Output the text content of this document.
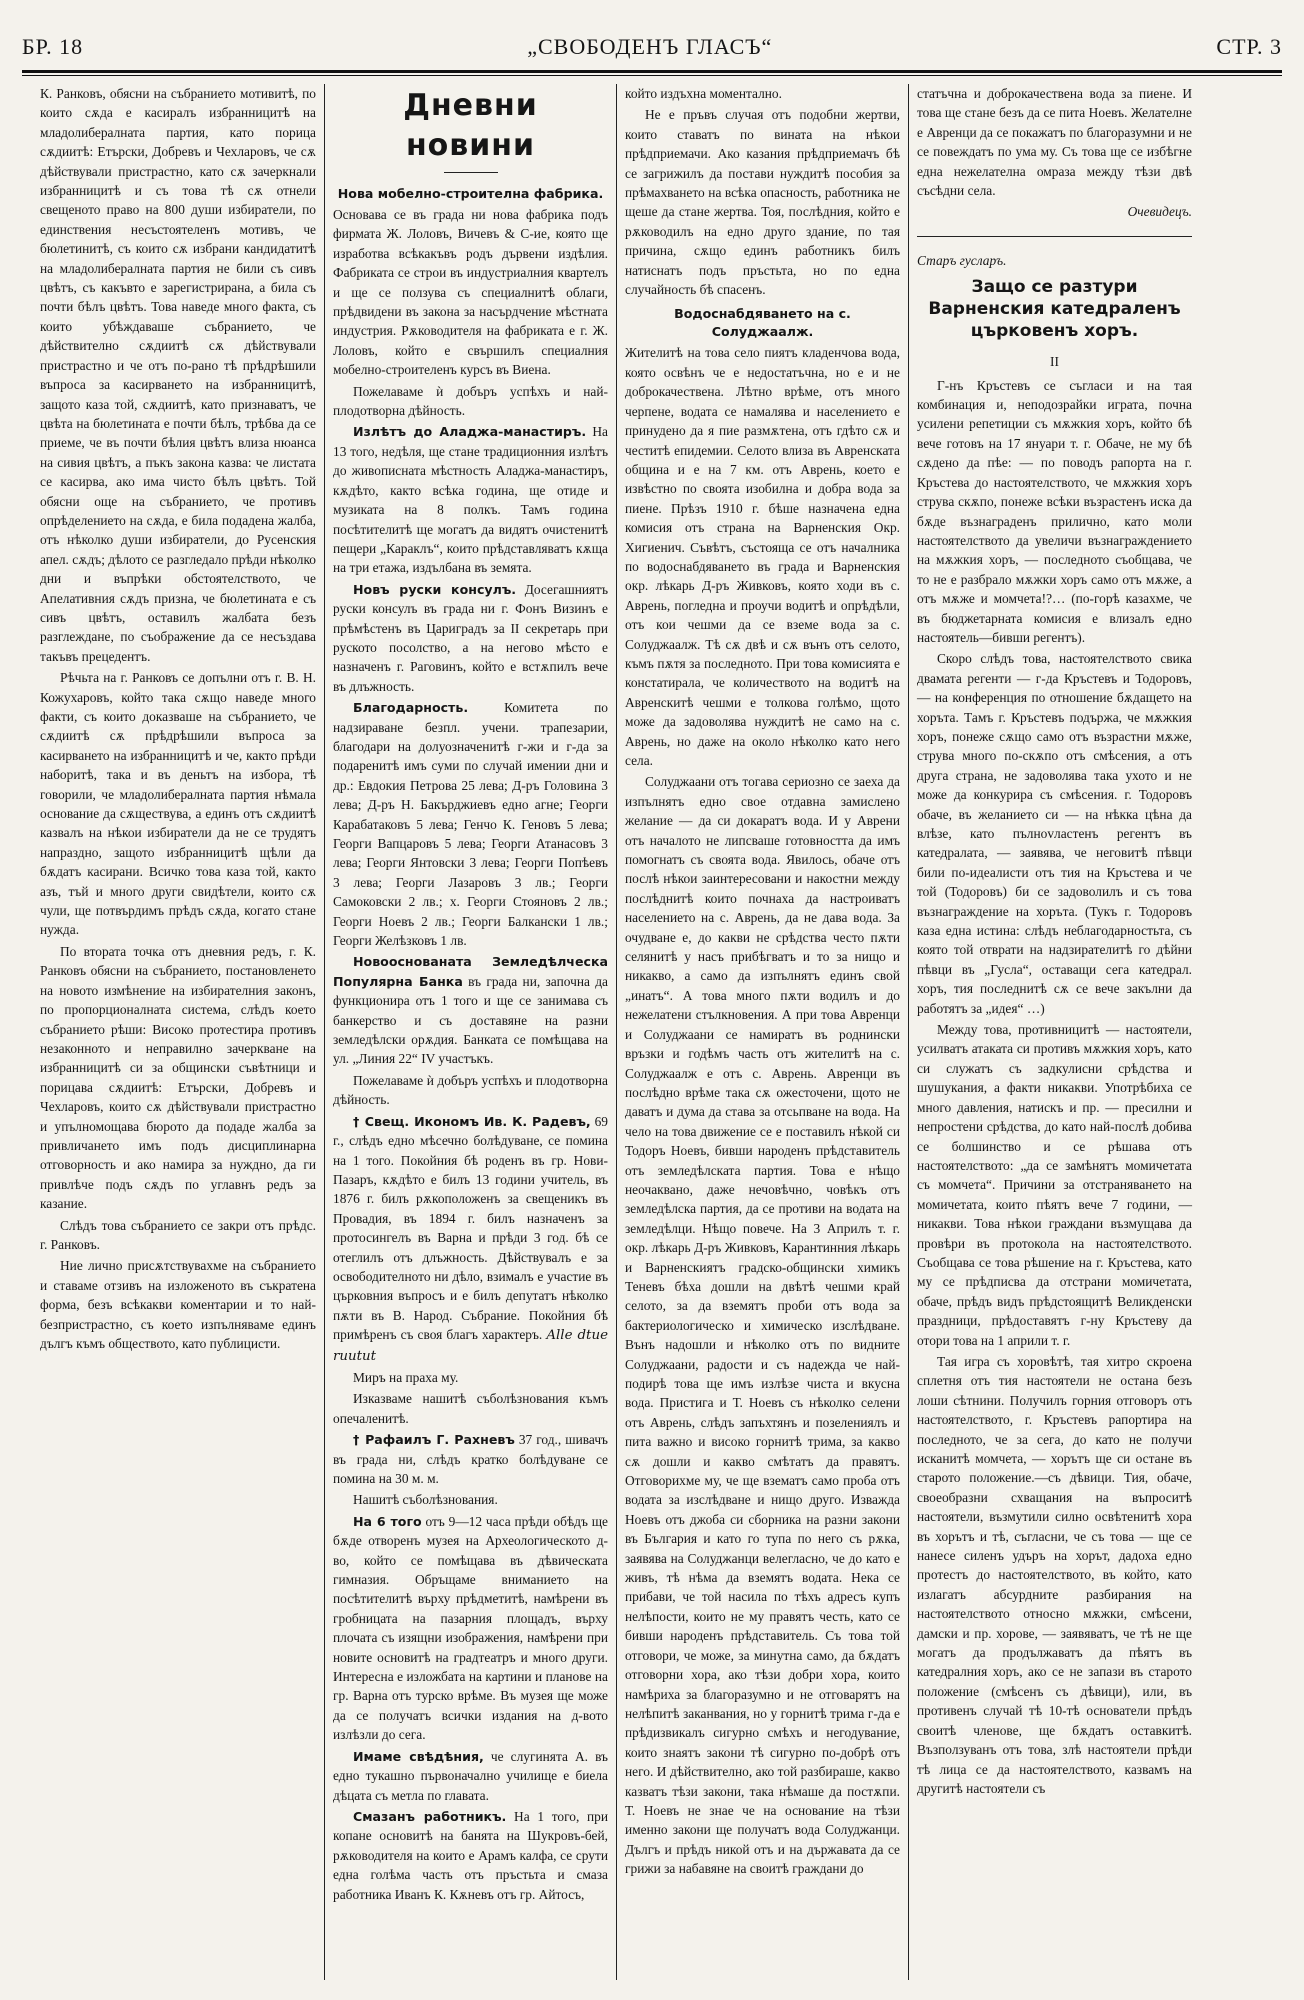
БР. 18	„СВОБОДЕНЪ ГЛАСЪ“	СТР. 3

К. Ранковъ, обясни на събранието мотивитѣ, по които сѫда е касиралъ избранницитѣ на младолибералната партия, като порица сѫдиитѣ: Етърски, Добревъ и Чехларовъ, че сѫ дѣйствували пристрастно, като сѫ зачеркнали избранницитѣ и съ това тѣ сѫ отнели свещеното право на 800 души избиратели, по единствения несъстоятеленъ мотивъ, че бюлетинитѣ, съ които сѫ избрани кандидатитѣ на младолибералната партия не били съ сивъ цвѣтъ, съ какъвто е зарегистрирана, а била съ почти бѣлъ цвѣтъ. Това наведе много факта, съ които убѣждаваше събранието, че дѣйствително сѫдиитѣ сѫ дѣйствували пристрастно и че отъ по-рано тѣ прѣдрѣшили въпроса за касирването на избранницитѣ, защото каза той, сѫдиитѣ, като признаватъ, че цвѣта на бюлетината е почти бѣлъ, трѣбва да се приеме, че въ почти бѣлия цвѣтъ влиза нюанса на сивия цвѣтъ, а пъкъ закона казва: че листата се касирва, ако има чисто бѣлъ цвѣтъ. Той обясни още на събранието, че противъ опрѣделението на сѫда, е била подадена жалба, отъ нѣколко души избиратели, до Русенския апел. сѫдъ; дѣлото се разгледало прѣди нѣколко дни и въпрѣки обстоятелството, че Апелативния сѫдъ призна, че бюлетината е съ сивъ цвѣтъ, оставилъ жалбата безъ разглеждане, по съображение да се несъздава такъвъ прецедентъ.

Рѣчьта на г. Ранковъ се допълни отъ г. В. Н. Кожухаровъ, който така сѫщо наведе много факти, съ които доказваше на събранието, че сѫдиитѣ сѫ прѣдрѣшили въпроса за касирването на избранницитѣ и че, както прѣди наборитѣ, така и въ деньтъ на избора, тѣ говорили, че младолибералната партия нѣмала основание да сѫществува, а единъ отъ сѫдиитѣ казвалъ на нѣкои избиратели да не се трудятъ напраздно, защото избранницитѣ щѣли да бѫдатъ касирани. Всичко това каза той, както азъ, тъй и много други свидѣтели, които сѫ чули, ще потвърдимъ прѣдъ сѫда, когато стане нужда.

По втората точка отъ дневния редъ, г. К. Ранковъ обясни на събранието, постановленето на новото измѣнение на избирателния законъ, по пропорционалната система, слѣдъ което събранието рѣши: Високо протестира противъ незаконното и неправилно зачеркване на избранницитѣ си за общински съвѣтници и порицава сѫдиитѣ: Етърски, Добревъ и Чехларовъ, които сѫ дѣйствували пристрастно и упълномощава бюрото да подаде жалба за привличането имъ подъ дисциплинарна отговорность и ако намира за нуждно, да ги привлѣче подъ сѫдъ по углавнъ редъ за казание.

Слѣдъ това събранието се закри отъ прѣдс. г. Ранковъ.

Ние лично присѫтствувахме на събранието и ставаме отзивъ на изложеното въ съкратена форма, безъ всѣкакви коментарии и то най-безпристрастно, съ което изпълняваме единъ дългъ къмъ обществото, като публицисти.

Дневни новини
Нова мобелно-строителна фабрика.

Основава се въ града ни нова фабрика подъ фирмата Ж. Лоловъ, Вичевъ & С-ие, която ще изработва всѣкакъвъ родъ дървени издѣлия. Фабриката се строи въ индустриалния квартелъ и ще се ползува съ специалнитѣ облаги, прѣдвидени въ закона за насърдчение мѣстната индустрия. Рѫководителя на фабриката е г. Ж. Лоловъ, който е свършилъ специалния мобелно-строителенъ курсъ въ Виена.

Пожелаваме ѝ добъръ успѣхъ и най- плодотворна дѣйность.

Излѣтъ до Аладжа-манастиръ. На 13 того, недѣля, ще стане традиционния излѣтъ до живописната мѣстность Аладжа-манастиръ, кѫдѣто, както всѣка година, ще отиде и музиката на 8 полкъ. Тамъ година посѣтителитѣ ще могатъ да видятъ очистенитѣ пещери „Караклъ“, които прѣдставляватъ кѫща на три етажа, издълбана въ земята.

Новъ руски консулъ. Досегашниятъ руски консулъ въ града ни г. Фонъ Визинъ е прѣмѣстенъ въ Цариградъ за II секретарь при руското посолство, а на негово мѣсто е назначенъ г. Раговинъ, който е встѫпилъ вече въ длъжность.

Благодарность.	Комитета по надзираване безпл. учени. трапезарии, благодари на долуозначенитѣ г-жи и г-да за подаренитѣ имъ суми по случай имении дни и др.: Евдокия Петрова 25 лева; Д-ръ Головина 3 лева; Д-ръ Н. Бакърджиевъ едно агне; Георги Карабатаковъ 5 лева; Генчо К. Геновъ 5 лева; Георги Вапцаровъ 5 лева; Георги Атанасовъ 3 лева; Георги Янтовски 3 лева; Георги Попѣевъ 3 лева; Георги Лазаровъ 3 лв.; Георги Самоковски 2 лв.; х. Георги Стояновъ 2 лв.; Георги Ноевъ 2 лв.; Георги Балкански 1 лв.; Георги Желѣзковъ 1 лв.

Новооснованата Земледѣлческа Популярна Банка въ града ни, започна да функционира отъ 1 того и ще се занимава съ банкерство и съ доставяне на разни земледѣлски орѫдия. Банката се помѣщава на ул. „Линия 22“ IV участъкъ.

Пожелаваме ѝ добъръ успѣхъ и плодотворна дѣйность.

† Свещ. Икономъ Ив. К. Радевъ, 69 г., слѣдъ едно мѣсечно болѣдуване, се помина на 1 того. Покойния бѣ роденъ въ гр. Нови-Пазаръ, кѫдѣто е билъ 13 години учитель, въ 1876 г. билъ рѫкоположенъ за свещеникъ въ Провадия, въ 1894 г. билъ назначенъ за протосингелъ въ Варна и прѣди 3 год. бѣ се отеглилъ отъ длъжность. Дѣйствувалъ е за освободителното ни дѣло, взималъ е участие въ църковния въпросъ и е билъ депутатъ нѣколко пѫти въ В. Народ. Събрание. Покойния бѣ примѣренъ съ своя благъ характеръ. Alle dtue ruutut

Миръ на праха му.

Изказваме нашитѣ съболѣзнования къмъ опечаленитѣ.

† Рафаилъ Г. Рахневъ 37 год., шивачъ въ града ни, слѣдъ кратко болѣдуване се помина на 30 м. м.

Нашитѣ съболѣзнования.

На 6 того отъ 9—12 часа прѣди обѣдъ ще бѫде отворенъ музея на Археологическото д-во, който се помѣщава въ дѣвическата гимназия. Обръщаме вниманието на посѣтителитѣ върху прѣдметитѣ, намѣрени въ гробницата на пазарния площадъ, върху плочата съ изящни изображения, намѣрени при новите основитѣ на градтеатръ и много други. Интересна е изложбата на картини и планове на гр. Варна отъ турско врѣме. Въ музея ще може да се получатъ всички издания на д-вото излѣзли до сега.

Имаме свѣдѣния, че слугинята А. въ едно тукашно първоначално училище е биела дѣцата съ метла по главата.

Смазанъ работникъ. На 1 того, при копане основитѣ на банята на Шукровъ-бей, рѫководителя на които е Арамъ калфа, се срути една голѣма часть отъ пръстьта и смаза работника Иванъ К. Кѫневъ отъ гр. Айтосъ,

който издъхна моментално.

Не е пръвъ случая отъ подобни жертви, които ставатъ по вината на нѣкои прѣдприемачи. Ако казания прѣдприемачъ бѣ се загрижилъ да постави нуждитѣ пособия за прѣмахването на всѣка опасность, работника не щеше да стане жертва. Тоя, послѣдния, който е рѫководилъ на едно друго здание, по тая причина, сѫщо единъ работникъ билъ натиснатъ подъ пръстьта, но по една случайность бѣ спасенъ.

Водоснабдяването на с. Солуджаалж.

Жителитѣ на това село пиятъ кладенчова вода, която освѣнъ че е недостатъчна, но е и не доброкачествена. Лѣтно врѣме, отъ много черпене, водата се намалява и населението е принудено да я пие размѫтена, отъ гдѣто сѫ и честитѣ епидемии. Селото влиза въ Авренската община и е на 7 км. отъ Аврень, което е извѣстно по своята изобилна и добра вода за пиене. Прѣзъ 1910 г. бѣше назначена една комисия отъ страна на Варненския Окр. Хигиенич. Съвѣтъ, състояща се отъ началника по водоснабдяването въ града и Варненския окр. лѣкарь Д-ръ Живковъ, която ходи въ с. Аврень, погледна и проучи водитѣ и опрѣдѣли, отъ кои чешми да се вземе вода за с. Солуджаалж. Тѣ сѫ двѣ и сѫ вънъ отъ селото, къмъ пѫтя за последното. При това комисията е констатирала, че количеството на водитѣ на Авренскитѣ чешми е толкова голѣмо, щото може да задоволява нуждитѣ не само на с. Аврень, но даже на около нѣколко като него села.

Солуджаани отъ тогава сериозно се заеха да изпълнятъ едно свое отдавна замислено желание — да си докаратъ вода. И у Аврени отъ началото не липсваше готовността да имъ помогнатъ съ своята вода. Явилось, обаче отъ послѣ нѣкои заинтересовани и накостни между послѣднитѣ които почнаха да настроиватъ населението на с. Аврень, да не дава вода. За очудване е, до какви не срѣдства често пѫти селянитѣ у насъ прибѣгватъ и то за нищо и никакво, а само да изпълнятъ единъ свой „инатъ“. А това много пѫти водилъ и до нежелатени стълкновения. А при това Авренци и Солуджаани се намиратъ въ роднински връзки и годѣмъ часть отъ жителитѣ на с. Солуджаалж е отъ с. Аврень. Авренци въ послѣдно врѣме така сѫ ожесточени, щото не даватъ и дума да става за отсьпване на вода. На чело на това движение се е поставилъ нѣкой си Тодоръ Ноевъ, бивши народенъ прѣдставитель отъ земледѣлската партия. Това е нѣщо неочаквано, даже нечовѣчно, човѣкъ отъ земледѣлска партия, да се противи на водата на земледѣлци. Нѣщо повече. На 3 Априлъ т. г. окр. лѣкарь Д-ръ Живковъ, Карантинния лѣкарь и Варненскиятъ градско-общински химикъ Теневъ бѣха дошли на двѣтѣ чешми край селото, за да вземятъ проби отъ вода за бактериологическо и химическо изслѣдване. Вънъ надошли и нѣколко отъ по видните Солуджаани, радости и съ надежда че най-подирѣ това ще имъ излѣзе чиста и вкусна вода. Пристига и Т. Ноевъ съ нѣколко селени отъ Аврень, слѣдъ запъхтянъ и позелениялъ и пита важно и високо горнитѣ трима, за какво сѫ дошли и какво смѣтатъ да правятъ. Отговорихме му, че ще взематъ само проба отъ водата за изслѣдване и нищо друго. Изважда Ноевъ отъ джоба си сборника на разни закони въ България и като го тупа по него съ рѫка, заявява на Солуджанци велегласно, че до като е живъ, тѣ нѣма да вземятъ водата. Нека се прибави, че той насила по тѣхъ адресъ купъ нелѣпости, които не му правятъ честь, като се бивши народенъ прѣдставитель. Съ това той отговори, че може, за минутна само, да бѫдатъ отговорни хора, ако тѣзи добри хора, които намѣриха за благоразумно и не отговарятъ на нелѣпитѣ заканвания, но у горнитѣ трима г-да е прѣдизвикалъ сигурно смѣхъ и негодувание, които знаятъ закони тѣ сигурно по-добрѣ отъ него. И дѣйствително, ако той разбираше, какво казватъ тѣзи закони, така нѣмаше да постѫпи. Т. Ноевъ не знае че на основание на тѣзи именно закони ще получатъ вода Солуджанци. Дългъ и прѣдъ никой отъ и на държавата да се грижи за набавяне на своитѣ граждани до

статъчна и доброкачествена вода за пиене. И това ще стане безъ да се пита Ноевъ. Желателне е Авренци да се покажатъ по благоразумни и не се повеждатъ по ума му. Съ това ще се избѣгне една нежелателна омраза между тѣзи двѣ съсѣдни села.

Очевидецъ.
Старъ гусларъ.
Защо се разтури Варненския катедраленъ църковенъ хоръ.
II

Г-нъ Кръстевъ се съгласи и на тая комбинация и, неподозрайки играта, почна усилени репетиции съ мѫжкия хоръ, който бѣ вече готовъ на 17 януари т. г. Обаче, не му бѣ сѫдено да пѣе: — по поводъ рапорта на г. Кръстева до настоятелството, че мѫжкия хоръ струва скѫпо, понеже всѣки възрастенъ иска да бѫде възнаграденъ прилично, като моли настоятелството да увеличи възнаграждението на мѫжкия хоръ, — последното съобщава, че то не е разбрало мѫжки хоръ само отъ мѫже, а отъ мѫже и момчета!?… (по-горѣ казахме, че въ бюджетарната комисия е влизалъ едно настоятель—бивши регентъ).

Скоро слѣдъ това, настоятелството свика двамата регенти — г-да Кръстевъ и Тодоровъ, — на конференция по отношение бѫдащето на хоръта. Тамъ г. Кръстевъ подържа, че мѫжкия хоръ, понеже сѫщо само отъ възрастни мѫже, струва много по-скѫпо отъ смѣсения, а отъ друга страна, не задоволява така ухото и не може да конкурира съ смѣсения. г. Тодоровъ обаче, въ желанието си — на нѣкка цѣна да влѣзе, като пълноvластенъ регентъ въ катедралата, — заявява, че неговитѣ пѣвци били по-идеалисти отъ тия на Кръстева и че той (Тодоровъ) би се задоволилъ и съ това възнаграждение на хоръта. (Тукъ г. Тодоровъ каза една истина: слѣдъ неблагодарностьта, съ която той отврати на надзирателитѣ го дѣйни пѣвци въ „Гусла“, оставащи сега катедрал. хоръ, тия последнитѣ сѫ се вече закълни да работятъ за „идея“ …)

Между това, противницитѣ — настоятели, усилватъ атаката си противъ мѫжкия хоръ, като си служатъ съ задкулисни срѣдства и шушукания, а факти никакви. Употрѣбиха се много давления, натискъ и пр. — пресилни и непростени срѣдства, до като най-послѣ добива се болшинство и се рѣшава отъ настоятелството: „да се замѣнятъ момичетата съ момчета“. Причини за отстраняването на момичетата, които пѣятъ вече 7 години, — никакви. Това нѣкои граждани възмущава да провѣри въ протокола на настоятелството. Съобщава се това рѣшение на г. Кръстева, като му се прѣдписва да отстрани момичетата, обаче, прѣдъ видъ прѣдстоящитѣ Великденски праздници, прѣдоставятъ г-ну Кръстеву да отори това на 1 априли т. г.

Тая игра съ хоровѣтѣ, тая хитро скроена сплетня отъ тия настоятели не остана безъ лоши сѣтнини. Получилъ горния отговоръ отъ настоятелството, г. Кръстевъ рапортира на последното, че за сега, до като не получи исканитѣ момчета, — хорътъ ще си остане въ старото положение.—съ дѣвици. Тия, обаче, своеобразни схващания на въпроситѣ настоятели, възмутили силно освѣтенитѣ хора въ хорътъ и тѣ, съгласни, че съ това — ще се нанесе силенъ удъръ на хорът, дадоха едно протестъ до настоятелството, въ който, като излагатъ абсурдните разбирания на настоятелството относно мѫжки, смѣсени, дамски и пр. хорове, — заявяватъ, че тѣ не ще могатъ да продължаватъ да пѣятъ въ катедралния хоръ, ако се не запази въ старото положение (смѣсенъ съ дѣвици), или, въ противенъ случай тѣ 10-тѣ основатели прѣдъ своитѣ членове, ще бѫдатъ оставкитѣ. Възползуванъ отъ това, злѣ настоятели прѣди тѣ лица се да настоятелството, казвамъ на другитѣ настоятели съ
